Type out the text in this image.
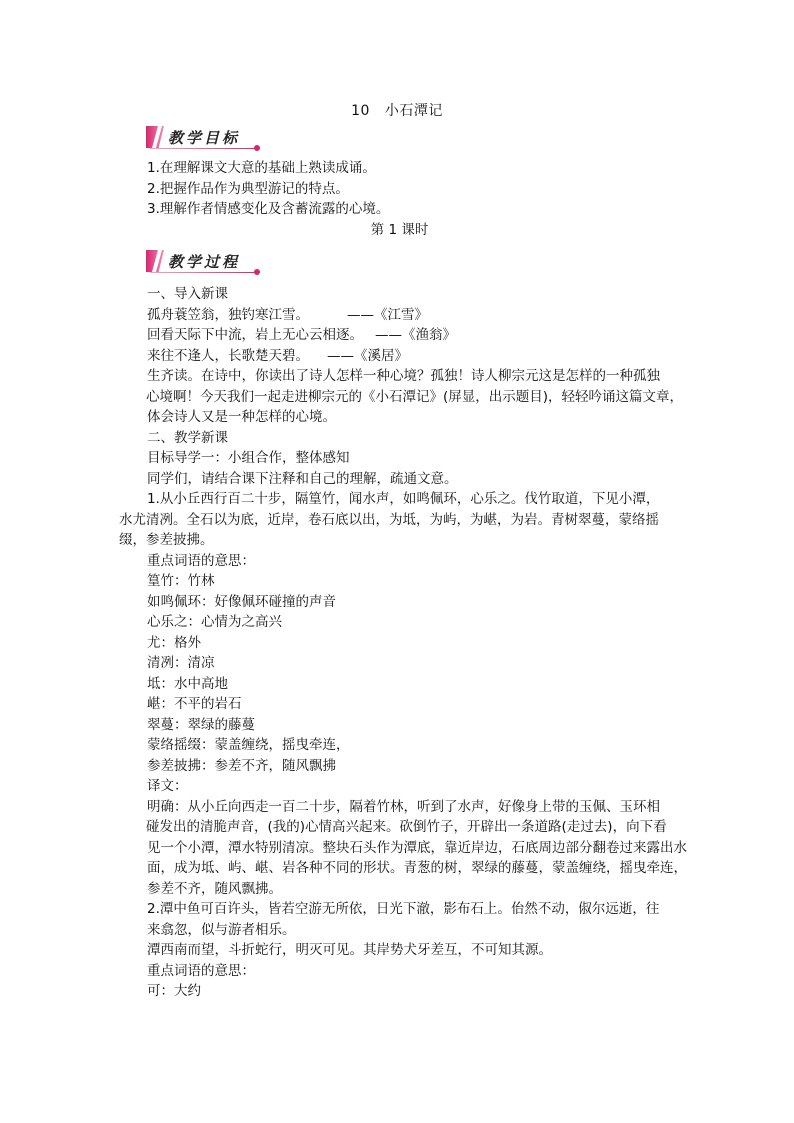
10 小石潭记
教学目标
1.在理解课文大意的基础上熟读成诵。
2.把握作品作为典型游记的特点。
3.理解作者情感变化及含蓄流露的心境。
第 1 课时
教学过程
一、导入新课
孤舟蓑笠翁，独钓寒江雪。	——《江雪》
回看天际下中流，岩上无心云相逐。 ——《渔翁》
来往不逢人，长歌楚天碧。 ——《溪居》
生齐读。在诗中，你读出了诗人怎样一种心境？孤独！诗人柳宗元这是怎样的一种孤独
心境啊！今天我们一起走进柳宗元的《小石潭记》(屏显，出示题目)，轻轻吟诵这篇文章，
体会诗人又是一种怎样的心境。
二、教学新课
目标导学一：小组合作，整体感知
同学们，请结合课下注释和自己的理解，疏通文意。
1.从小丘西行百二十步，隔篁竹，闻水声，如鸣佩环，心乐之。伐竹取道，下见小潭，
水尤清冽。全石以为底，近岸，卷石底以出，为坻，为屿，为嵁，为岩。青树翠蔓，蒙络摇
缀，参差披拂。
重点词语的意思：
篁竹：竹林
如鸣佩环：好像佩环碰撞的声音
心乐之：心情为之高兴
尤：格外
清冽：清凉
坻：水中高地
嵁：不平的岩石
翠蔓：翠绿的藤蔓
蒙络摇缀：蒙盖缠绕，摇曳牵连，
参差披拂：参差不齐，随风飘拂
译文：
明确：从小丘向西走一百二十步，隔着竹林，听到了水声，好像身上带的玉佩、玉环相
碰发出的清脆声音，(我的)心情高兴起来。砍倒竹子，开辟出一条道路(走过去)，向下看
见一个小潭，潭水特别清凉。整块石头作为潭底，靠近岸边，石底周边部分翻卷过来露出水
面，成为坻、屿、嵁、岩各种不同的形状。青葱的树，翠绿的藤蔓，蒙盖缠绕，摇曳牵连，
参差不齐，随风飘拂。
2.潭中鱼可百许头，皆若空游无所依，日光下澈，影布石上。佁然不动，俶尔远逝，往
来翕忽，似与游者相乐。
潭西南而望，斗折蛇行，明灭可见。其岸势犬牙差互，不可知其源。
重点词语的意思：
可：大约
